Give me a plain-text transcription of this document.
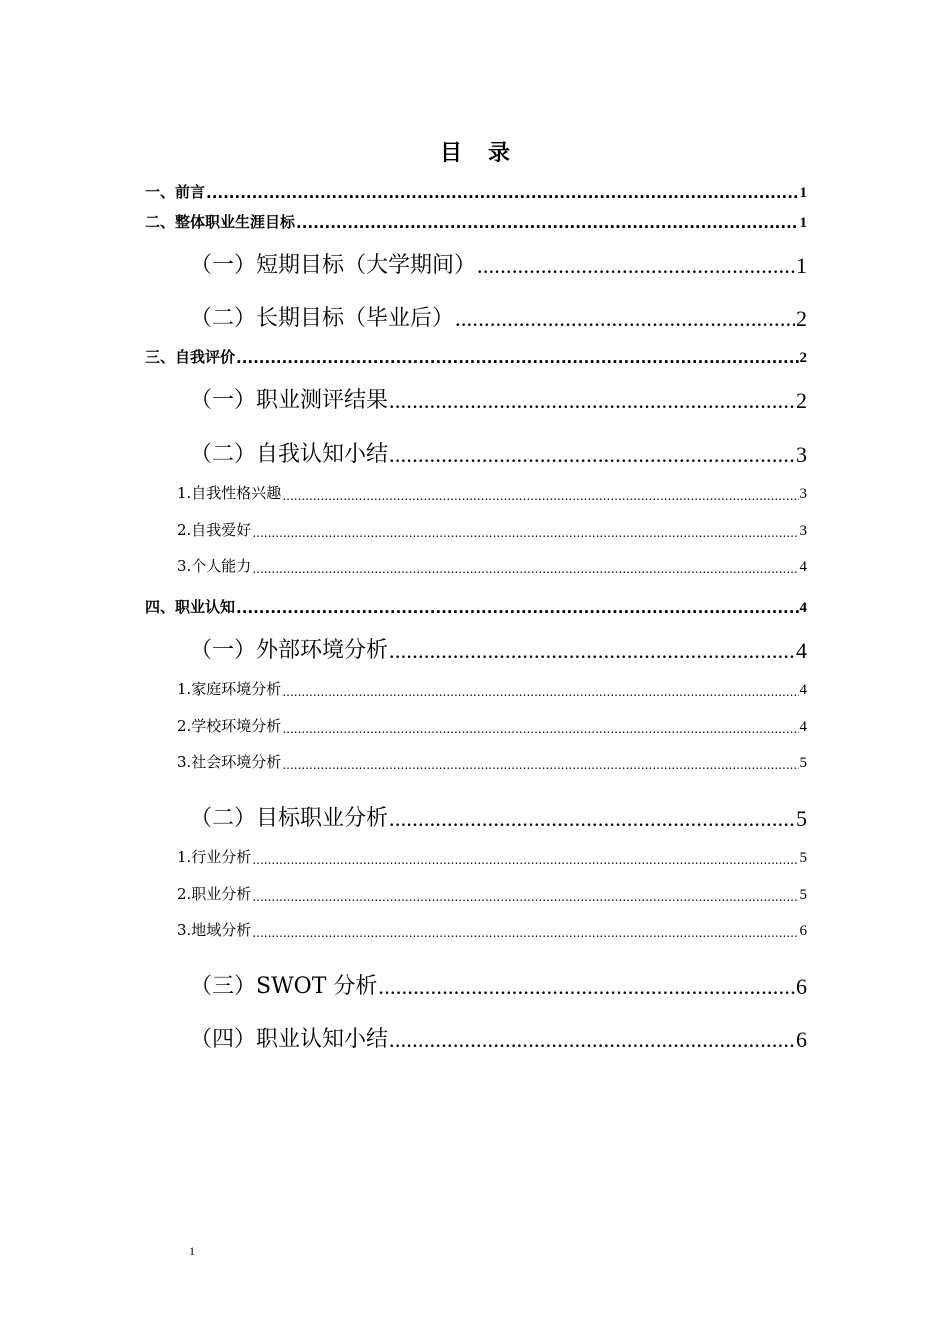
目 录
一、前言 .....	1
二、整体职业生涯目标 .....	1
（一）短期目标（大学期间） .....	1
（二）长期目标（毕业后） .....	2
三、自我评价 .....	2
（一）职业测评结果 .....	2
（二）自我认知小结 .....	3
1.自我性格兴趣 .....	3
2.自我爱好 .....	3
3.个人能力 .....	4
四、职业认知 .....	4
（一）外部环境分析 .....	4
1.家庭环境分析 .....	4
2.学校环境分析 .....	4
3.社会环境分析 .....	5
（二）目标职业分析 .....	5
1.行业分析 .....	5
2.职业分析 .....	5
3.地域分析 .....	6
（三）SWOT 分析 .....	6
（四）职业认知小结 .....	6
1
